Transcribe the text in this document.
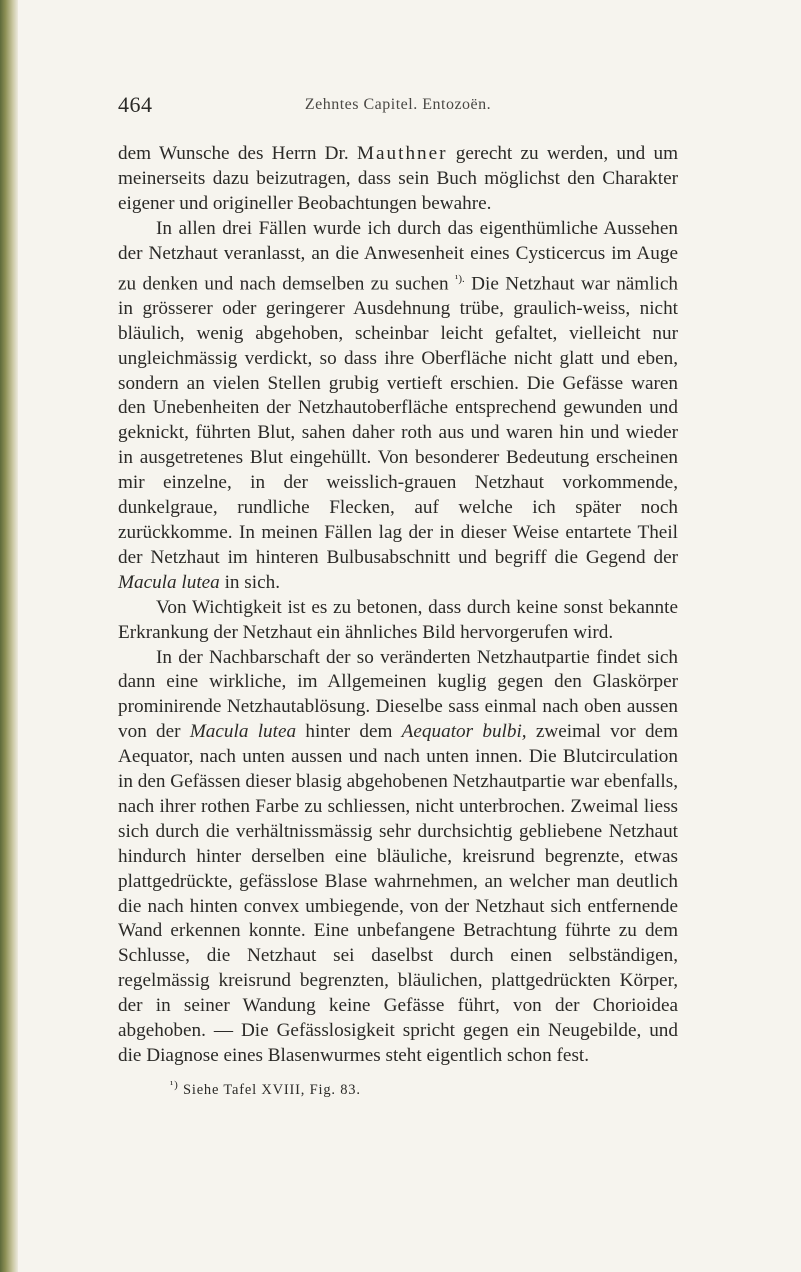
464	Zehntes Capitel. Entozoën.

dem Wunsche des Herrn Dr. Mauthner gerecht zu werden, und um meinerseits dazu beizutragen, dass sein Buch möglichst den Charakter eigener und origineller Beobachtungen bewahre.

In allen drei Fällen wurde ich durch das eigenthümliche Aussehen der Netzhaut veranlasst, an die Anwesenheit eines Cysticercus im Auge zu denken und nach demselben zu suchen $^{^1).}$ Die Netzhaut war nämlich in grösserer oder geringerer Ausdehnung trübe, graulich-weiss, nicht bläulich, wenig abgehoben, scheinbar leicht gefaltet, vielleicht nur ungleichmässig verdickt, so dass ihre Oberfläche nicht glatt und eben, sondern an vielen Stellen grubig vertieft erschien. Die Gefässe waren den Unebenheiten der Netzhautoberfläche entsprechend gewunden und geknickt, führten Blut, sahen daher roth aus und waren hin und wieder in ausgetretenes Blut eingehüllt. Von besonderer Bedeutung erscheinen mir einzelne, in der weisslich-grauen Netzhaut vorkommende, dunkelgraue, rundliche Flecken, auf welche ich später noch zurückkomme. In meinen Fällen lag der in dieser Weise entartete Theil der Netzhaut im hinteren Bulbusabschnitt und begriff die Gegend der Macula lutea in sich.

Von Wichtigkeit ist es zu betonen, dass durch keine sonst bekannte Erkrankung der Netzhaut ein ähnliches Bild hervorgerufen wird.

In der Nachbarschaft der so veränderten Netzhautpartie findet sich dann eine wirkliche, im Allgemeinen kuglig gegen den Glaskörper prominirende Netzhautablösung. Dieselbe sass einmal nach oben aussen von der Macula lutea hinter dem Aequator bulbi, zweimal vor dem Aequator, nach unten aussen und nach unten innen. Die Blutcirculation in den Gefässen dieser blasig abgehobenen Netzhautpartie war ebenfalls, nach ihrer rothen Farbe zu schliessen, nicht unterbrochen. Zweimal liess sich durch die verhältnissmässig sehr durchsichtig gebliebene Netzhaut hindurch hinter derselben eine bläuliche, kreisrund begrenzte, etwas plattgedrückte, gefässlose Blase wahrnehmen, an welcher man deutlich die nach hinten convex umbiegende, von der Netzhaut sich entfernende Wand erkennen konnte. Eine unbefangene Betrachtung führte zu dem Schlusse, die Netzhaut sei daselbst durch einen selbständigen, regelmässig kreisrund begrenzten, bläulichen, plattgedrückten Körper, der in seiner Wandung keine Gefässe führt, von der Chorioidea abgehoben. — Die Gefässlosigkeit spricht gegen ein Neugebilde, und die Diagnose eines Blasenwurmes steht eigentlich schon fest.

$^{^1)}$ Siehe Tafel XVIII, Fig. 83.
